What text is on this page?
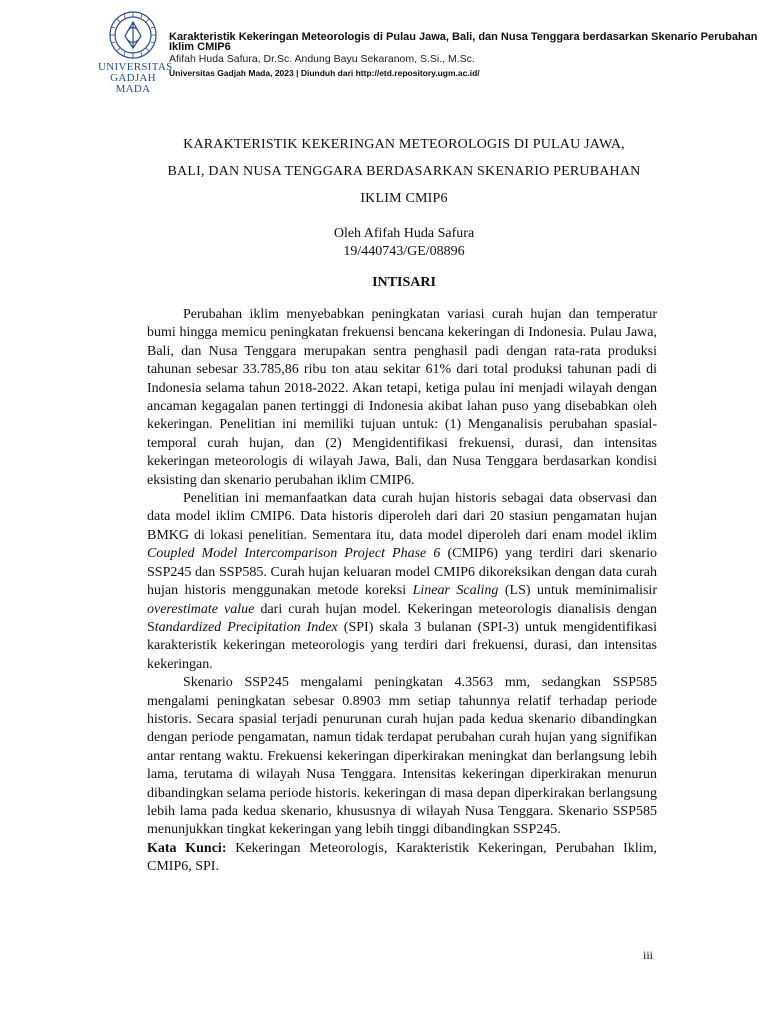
UNIVERSITAS
GADJAH MADA
Karakteristik Kekeringan Meteorologis di Pulau Jawa, Bali, dan Nusa Tenggara berdasarkan Skenario Perubahan Iklim CMIP6
Afifah Huda Safura, Dr.Sc. Andung Bayu Sekaranom, S.Si., M.Sc.
Universitas Gadjah Mada, 2023 | Diunduh dari http://etd.repository.ugm.ac.id/
KARAKTERISTIK KEKERINGAN METEOROLOGIS DI PULAU JAWA,
BALI, DAN NUSA TENGGARA BERDASARKAN SKENARIO PERUBAHAN
IKLIM CMIP6
Oleh Afifah Huda Safura
19/440743/GE/08896
INTISARI

Perubahan iklim menyebabkan peningkatan variasi curah hujan dan temperatur bumi hingga memicu peningkatan frekuensi bencana kekeringan di Indonesia. Pulau Jawa, Bali, dan Nusa Tenggara merupakan sentra penghasil padi dengan rata-rata produksi tahunan sebesar 33.785,86 ribu ton atau sekitar 61% dari total produksi tahunan padi di Indonesia selama tahun 2018-2022. Akan tetapi, ketiga pulau ini menjadi wilayah dengan ancaman kegagalan panen tertinggi di Indonesia akibat lahan puso yang disebabkan oleh kekeringan. Penelitian ini memiliki tujuan untuk: (1) Menganalisis perubahan spasial-temporal curah hujan, dan (2) Mengidentifikasi frekuensi, durasi, dan intensitas kekeringan meteorologis di wilayah Jawa, Bali, dan Nusa Tenggara berdasarkan kondisi eksisting dan skenario perubahan iklim CMIP6.

Penelitian ini memanfaatkan data curah hujan historis sebagai data observasi dan data model iklim CMIP6. Data historis diperoleh dari dari 20 stasiun pengamatan hujan BMKG di lokasi penelitian. Sementara itu, data model diperoleh dari enam model iklim Coupled Model Intercomparison Project Phase 6 (CMIP6) yang terdiri dari skenario SSP245 dan SSP585. Curah hujan keluaran model CMIP6 dikoreksikan dengan data curah hujan historis menggunakan metode koreksi Linear Scaling (LS) untuk meminimalisir overestimate value dari curah hujan model. Kekeringan meteorologis dianalisis dengan Standardized Precipitation Index (SPI) skala 3 bulanan (SPI-3) untuk mengidentifikasi karakteristik kekeringan meteorologis yang terdiri dari frekuensi, durasi, dan intensitas kekeringan.

Skenario SSP245 mengalami peningkatan 4.3563 mm, sedangkan SSP585 mengalami peningkatan sebesar 0.8903 mm setiap tahunnya relatif terhadap periode historis. Secara spasial terjadi penurunan curah hujan pada kedua skenario dibandingkan dengan periode pengamatan, namun tidak terdapat perubahan curah hujan yang signifikan antar rentang waktu. Frekuensi kekeringan diperkirakan meningkat dan berlangsung lebih lama, terutama di wilayah Nusa Tenggara. Intensitas kekeringan diperkirakan menurun dibandingkan selama periode historis. kekeringan di masa depan diperkirakan berlangsung lebih lama pada kedua skenario, khususnya di wilayah Nusa Tenggara. Skenario SSP585 menunjukkan tingkat kekeringan yang lebih tinggi dibandingkan SSP245.

Kata Kunci: Kekeringan Meteorologis, Karakteristik Kekeringan, Perubahan Iklim, CMIP6, SPI.

iii
